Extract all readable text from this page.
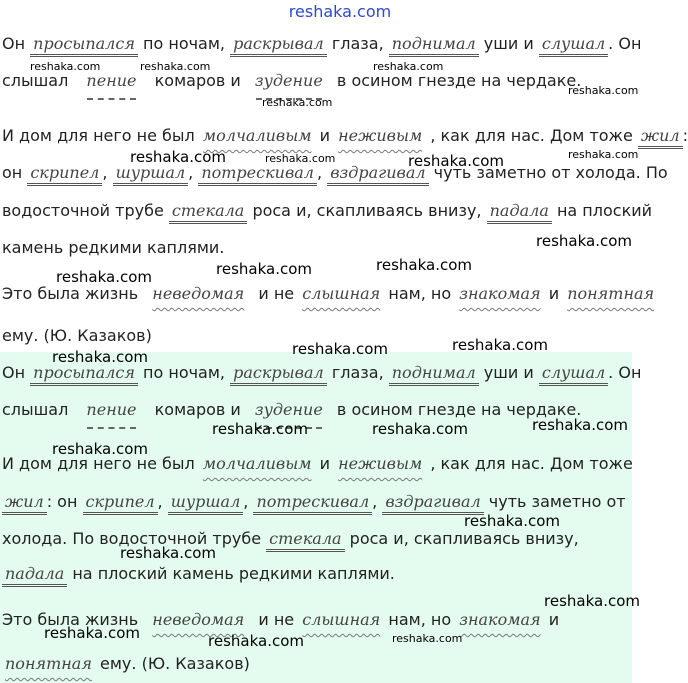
reshaka.com
Он просыпался по ночам, раскрывал глаза, поднимал уши и слушал . Он
слышал пение комаров и зудение в осином гнезде на чердаке.
И дом для него не был молчаливым и неживым , как для нас. Дом тоже жил :
он скрипел , шуршал , потрескивал , вздрагивал чуть заметно от холода. По
водосточной трубе стекала роса и, скапливаясь внизу, падала на плоский
камень редкими каплями.
Это была жизнь неведомая и не слышная нам, но знакомая и понятная
ему. (Ю. Казаков)
Он просыпался по ночам, раскрывал глаза, поднимал уши и слушал . Он
слышал пение комаров и зудение в осином гнезде на чердаке.
И дом для него не был молчаливым и неживым , как для нас. Дом тоже
жил : он скрипел , шуршал , потрескивал , вздрагивал чуть заметно от
холода. По водосточной трубе стекала роса и, скапливаясь внизу,
падала на плоский камень редкими каплями.
Это была жизнь неведомая и не слышная нам, но знакомая и
понятная ему. (Ю. Казаков)
reshaka.com	reshaka.com
reshaka.com
reshaka.com
reshaka.com
reshaka.com	reshaka.com	reshaka.com	reshaka.com
reshaka.com
reshaka.com	reshaka.com
reshaka.com
reshaka.com	reshaka.com
reshaka.com
reshaka.com	reshaka.com	reshaka.com
reshaka.com
reshaka.com
reshaka.com
reshaka.com
reshaka.com	reshaka.com	reshaka.com
